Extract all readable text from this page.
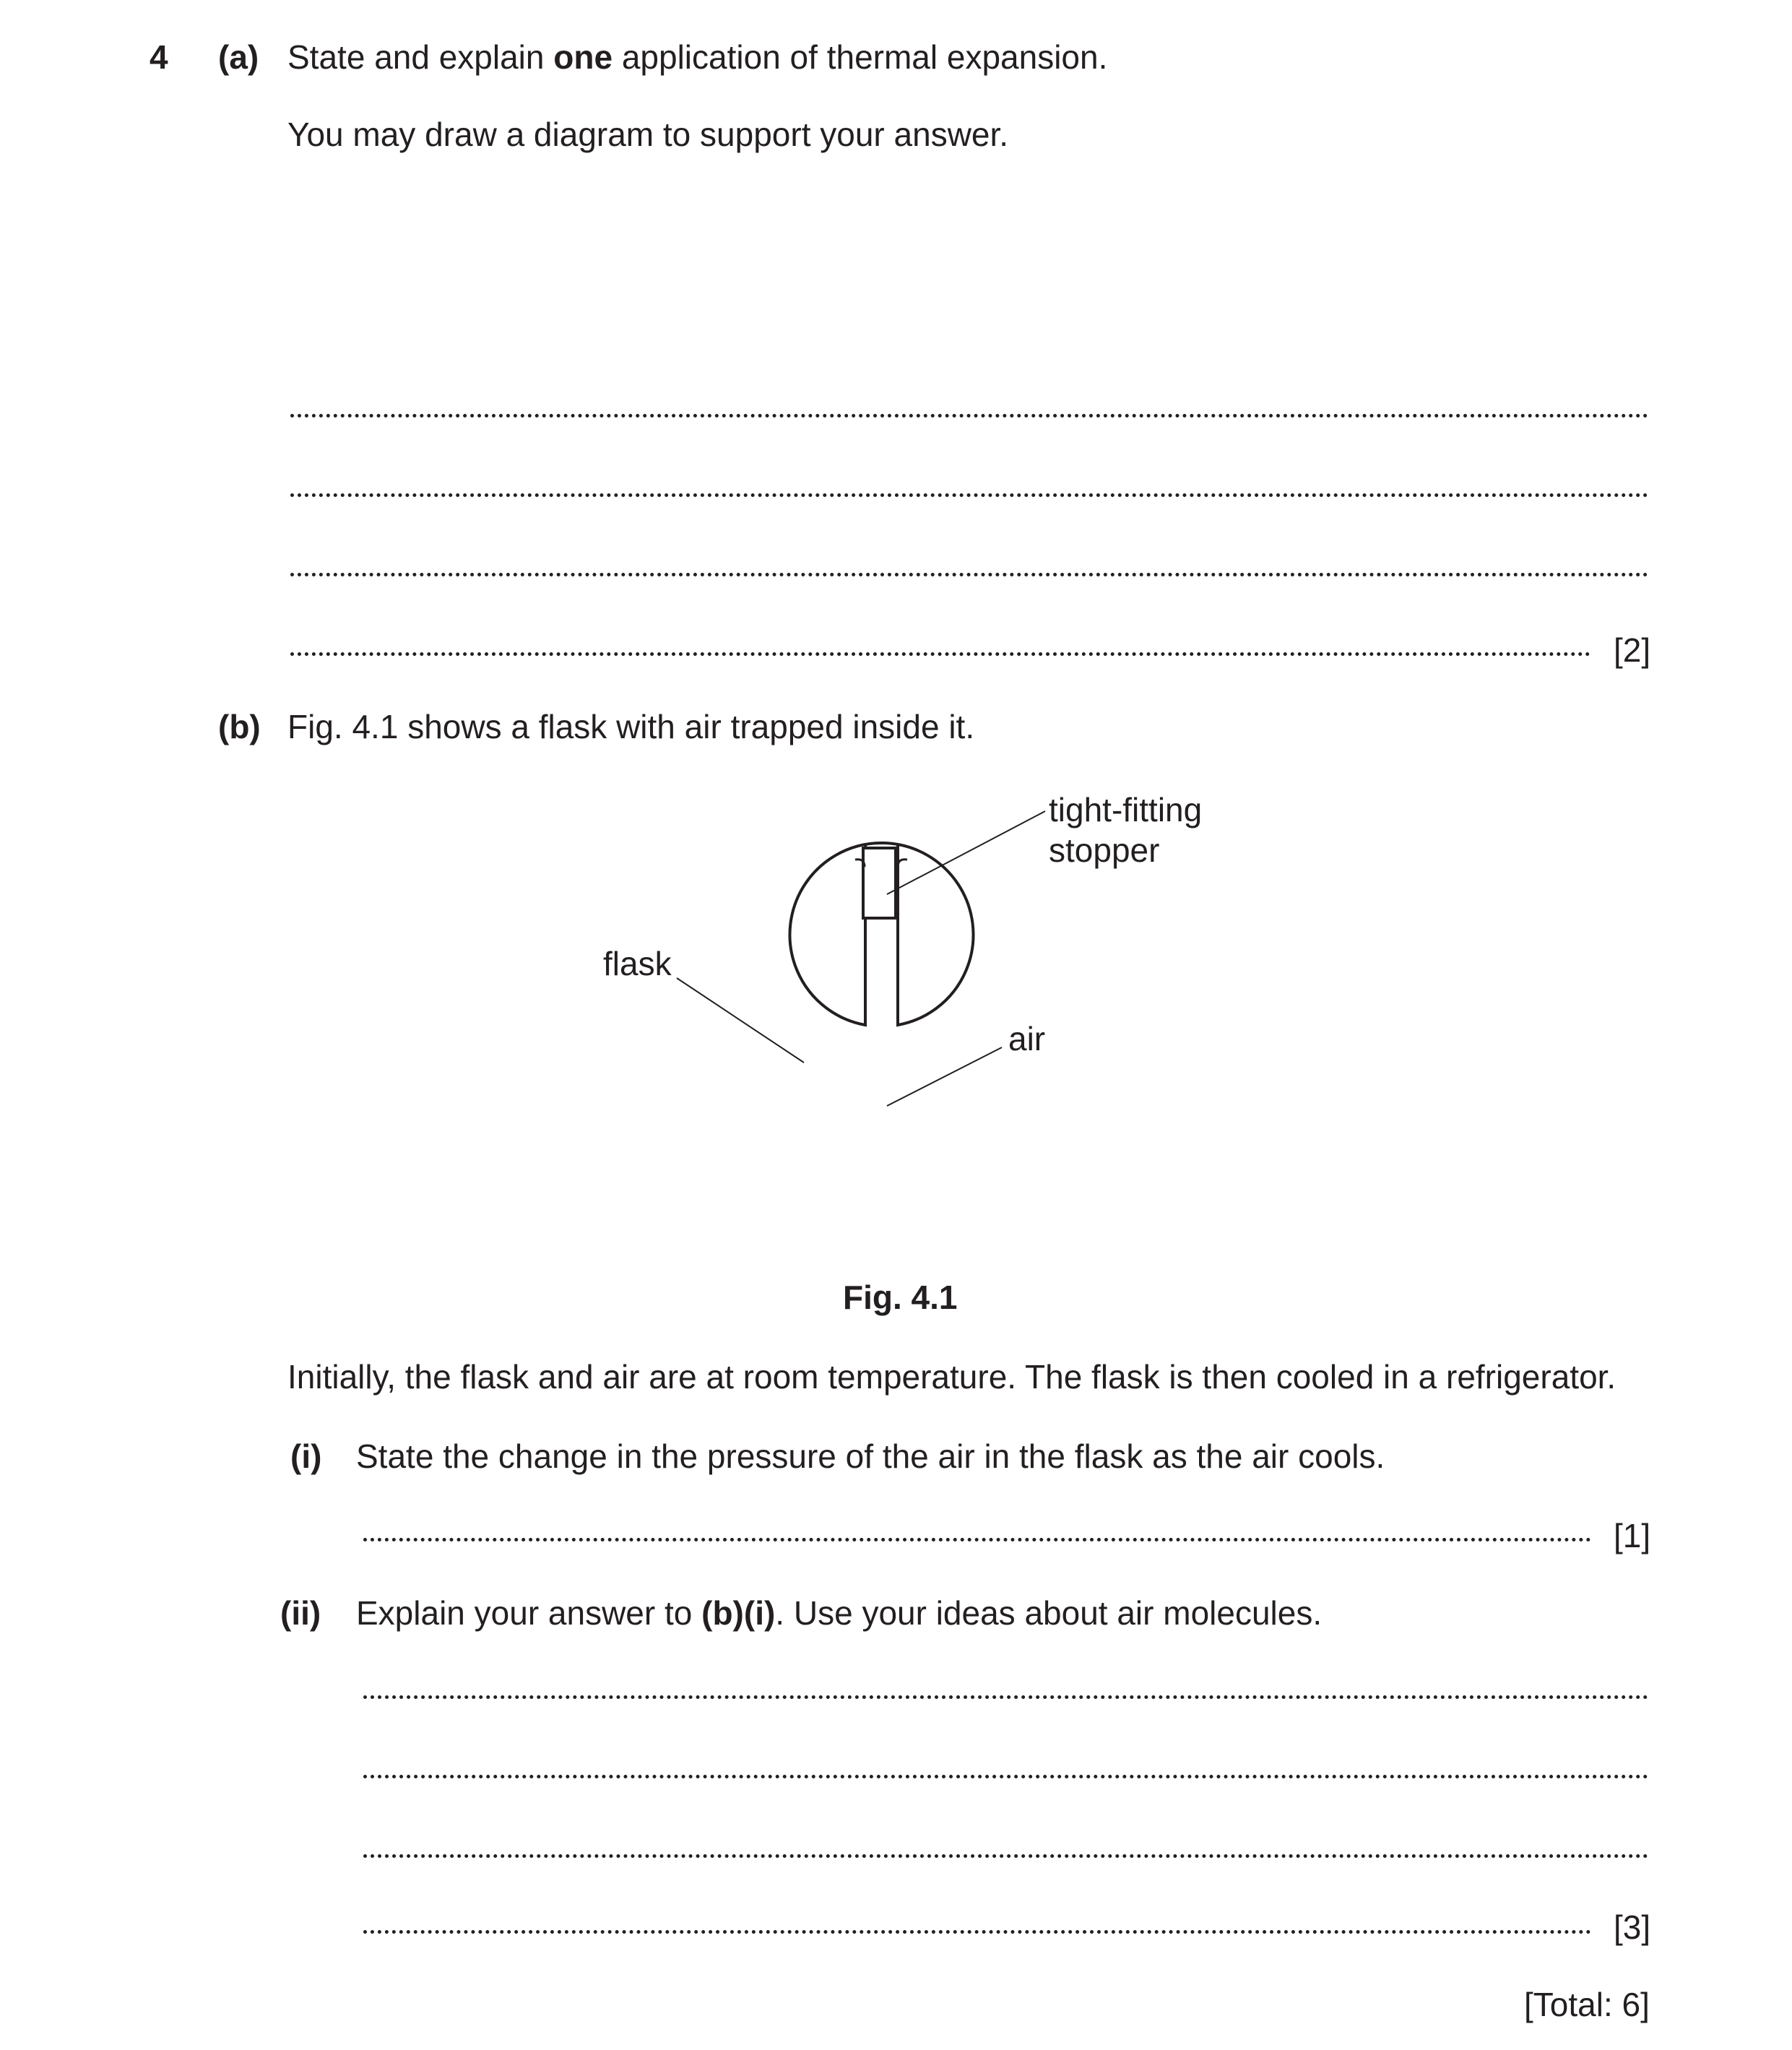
4 (a) State and explain one application of thermal expansion.
You may draw a diagram to support your answer.
[2]
(b) Fig. 4.1 shows a flask with air trapped inside it.
tight-fitting
stopper
flask
air
Fig. 4.1
Initially, the flask and air are at room temperature. The flask is then cooled in a refrigerator.
(i) State the change in the pressure of the air in the flask as the air cools.
[1]
(ii) Explain your answer to (b)(i). Use your ideas about air molecules.
[3]
[Total: 6]
